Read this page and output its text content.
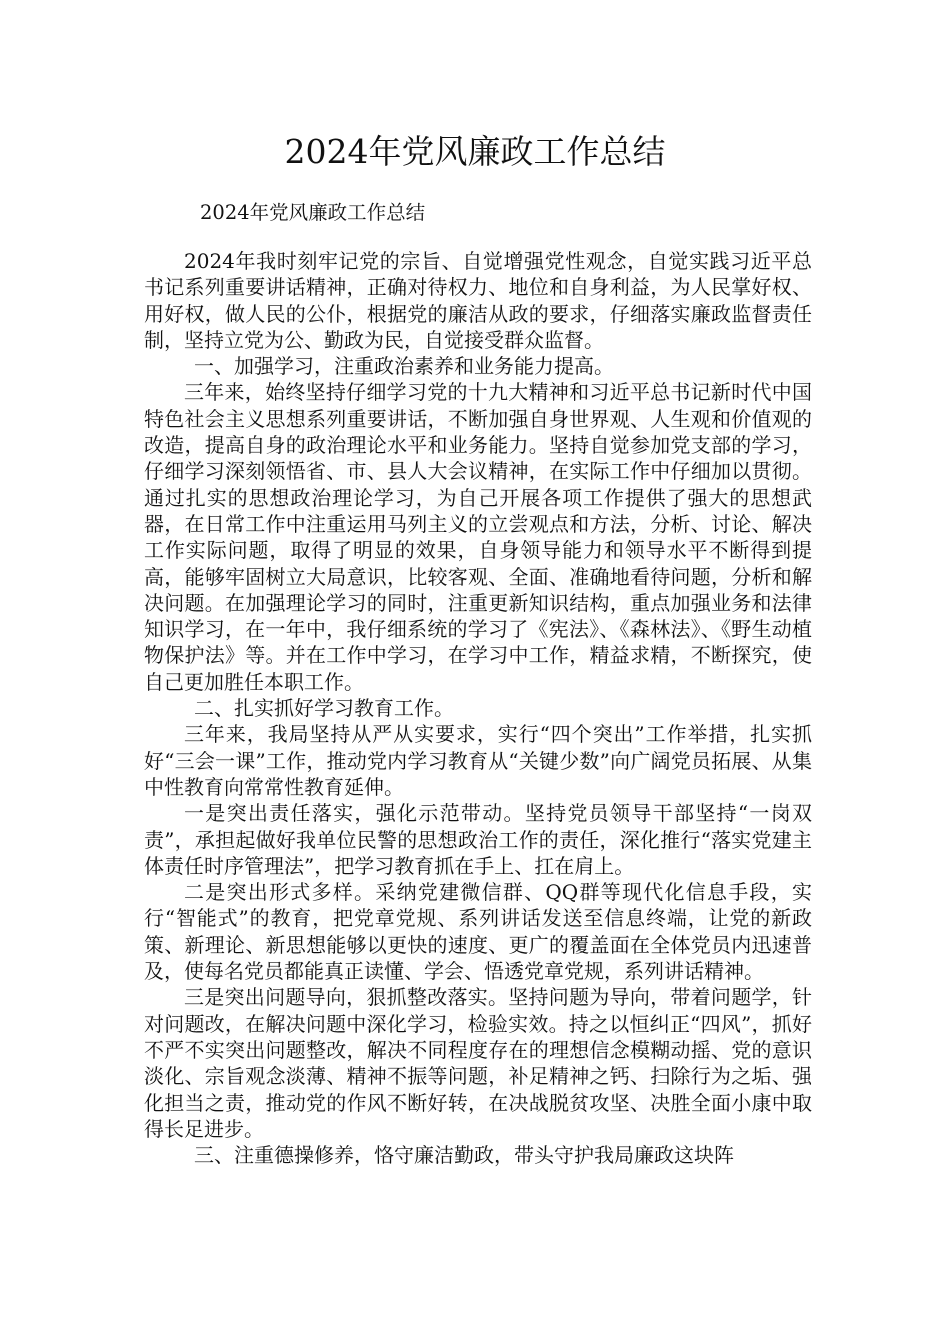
2024年党风廉政工作总结
2024年党风廉政工作总结

2024年我时刻牢记党的宗旨、自觉增强党性观念，自觉实践习近平总书记系列重要讲话精神，正确对待权力、地位和自身利益，为人民掌好权、用好权，做人民的公仆，根据党的廉洁从政的要求，仔细落实廉政监督责任制，坚持立党为公、勤政为民，自觉接受群众监督。

一、加强学习，注重政治素养和业务能力提高。

三年来，始终坚持仔细学习党的十九大精神和习近平总书记新时代中国特色社会主义思想系列重要讲话，不断加强自身世界观、人生观和价值观的改造，提高自身的政治理论水平和业务能力。坚持自觉参加党支部的学习，仔细学习深刻领悟省、市、县人大会议精神，在实际工作中仔细加以贯彻。通过扎实的思想政治理论学习，为自己开展各项工作提供了强大的思想武器，在日常工作中注重运用马列主义的立尝观点和方法，分析、讨论、解决工作实际问题，取得了明显的效果，自身领导能力和领导水平不断得到提高，能够牢固树立大局意识，比较客观、全面、准确地看待问题，分析和解决问题。在加强理论学习的同时，注重更新知识结构，重点加强业务和法律知识学习，在一年中，我仔细系统的学习了《宪法》、《森林法》、《野生动植物保护法》等。并在工作中学习，在学习中工作，精益求精，不断探究，使自己更加胜任本职工作。

二、扎实抓好学习教育工作。

三年来，我局坚持从严从实要求，实行“四个突出”工作举措，扎实抓好“三会一课”工作，推动党内学习教育从“关键少数”向广阔党员拓展、从集中性教育向常常性教育延伸。

一是突出责任落实，强化示范带动。坚持党员领导干部坚持“一岗双责”，承担起做好我单位民警的思想政治工作的责任，深化推行“落实党建主体责任时序管理法”，把学习教育抓在手上、扛在肩上。

二是突出形式多样。采纳党建微信群、QQ群等现代化信息手段，实行“智能式”的教育，把党章党规、系列讲话发送至信息终端，让党的新政策、新理论、新思想能够以更快的速度、更广的覆盖面在全体党员内迅速普及，使每名党员都能真正读懂、学会、悟透党章党规，系列讲话精神。

三是突出问题导向，狠抓整改落实。坚持问题为导向，带着问题学，针对问题改，在解决问题中深化学习，检验实效。持之以恒纠正“四风”，抓好不严不实突出问题整改，解决不同程度存在的理想信念模糊动摇、党的意识淡化、宗旨观念淡薄、精神不振等问题，补足精神之钙、扫除行为之垢、强化担当之责，推动党的作风不断好转，在决战脱贫攻坚、决胜全面小康中取得长足进步。

三、注重德操修养，恪守廉洁勤政，带头守护我局廉政这块阵
